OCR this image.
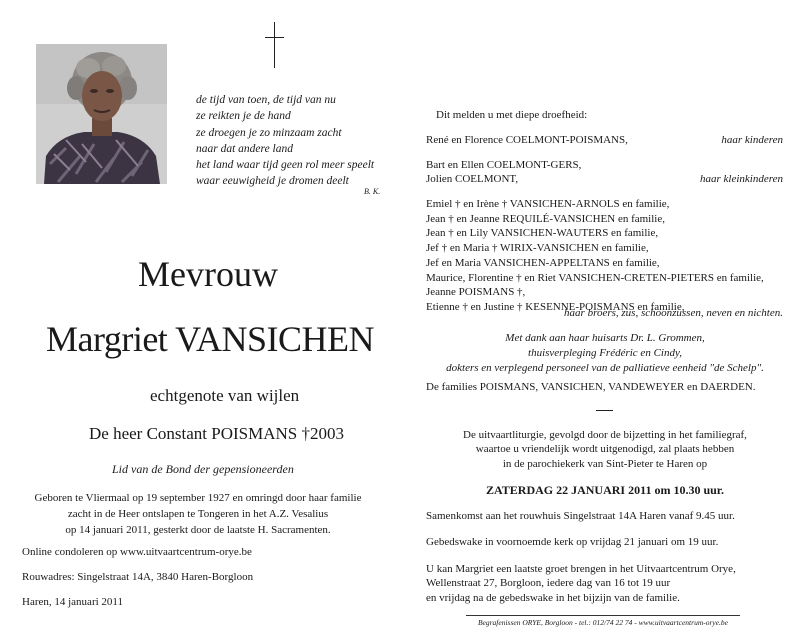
de tijd van toen, de tijd van nu
ze reikten je de hand
ze droegen je zo minzaam zacht
naar dat andere land
het land waar tijd geen rol meer speelt
waar eeuwigheid je dromen deelt
B. K.
Mevrouw
Margriet VANSICHEN
echtgenote van wijlen
De heer Constant POISMANS †2003
Lid van de Bond der gepensioneerden
Geboren te Vliermaal op 19 september 1927 en omringd door haar familie
zacht in de Heer ontslapen te Tongeren in het A.Z. Vesalius
op 14 januari 2011, gesterkt door de laatste H. Sacramenten.
Online condoleren op www.uitvaartcentrum-orye.be
Rouwadres: Singelstraat 14A, 3840 Haren-Borgloon
Haren, 14 januari 2011
Dit melden u met diepe droefheid:
René en Florence COELMONT-POISMANS,	haar kinderen
Bart en Ellen COELMONT-GERS,
Jolien COELMONT,	haar kleinkinderen
Emiel † en Irène † VANSICHEN-ARNOLS en familie,
Jean † en Jeanne REQUILÉ-VANSICHEN en familie,
Jean † en Lily VANSICHEN-WAUTERS en familie,
Jef † en Maria † WIRIX-VANSICHEN en familie,
Jef en Maria VANSICHEN-APPELTANS en familie,
Maurice, Florentine † en Riet VANSICHEN-CRETEN-PIETERS en familie,
Jeanne POISMANS †,
Etienne † en Justine † KESENNE-POISMANS en familie,
haar broers, zus, schoonzussen, neven en nichten.
Met dank aan haar huisarts Dr. L. Grommen,
thuisverpleging Frédéric en Cindy,
dokters en verplegend personeel van de palliatieve eenheid "de Schelp".
De families POISMANS, VANSICHEN, VANDEWEYER en DAERDEN.
De uitvaartliturgie, gevolgd door de bijzetting in het familiegraf,
waartoe u vriendelijk wordt uitgenodigd, zal plaats hebben
in de parochiekerk van Sint-Pieter te Haren op
ZATERDAG 22 JANUARI 2011 om 10.30 uur.
Samenkomst aan het rouwhuis Singelstraat 14A Haren vanaf 9.45 uur.
Gebedswake in voornoemde kerk op vrijdag 21 januari om 19 uur.
U kan Margriet een laatste groet brengen in het Uitvaartcentrum Orye,
Wellenstraat 27, Borgloon, iedere dag van 16 tot 19 uur
en vrijdag na de gebedswake in het bijzijn van de familie.
Begrafenissen ORYE, Borgloon - tel.: 012/74 22 74 - www.uitvaartcentrum-orye.be
